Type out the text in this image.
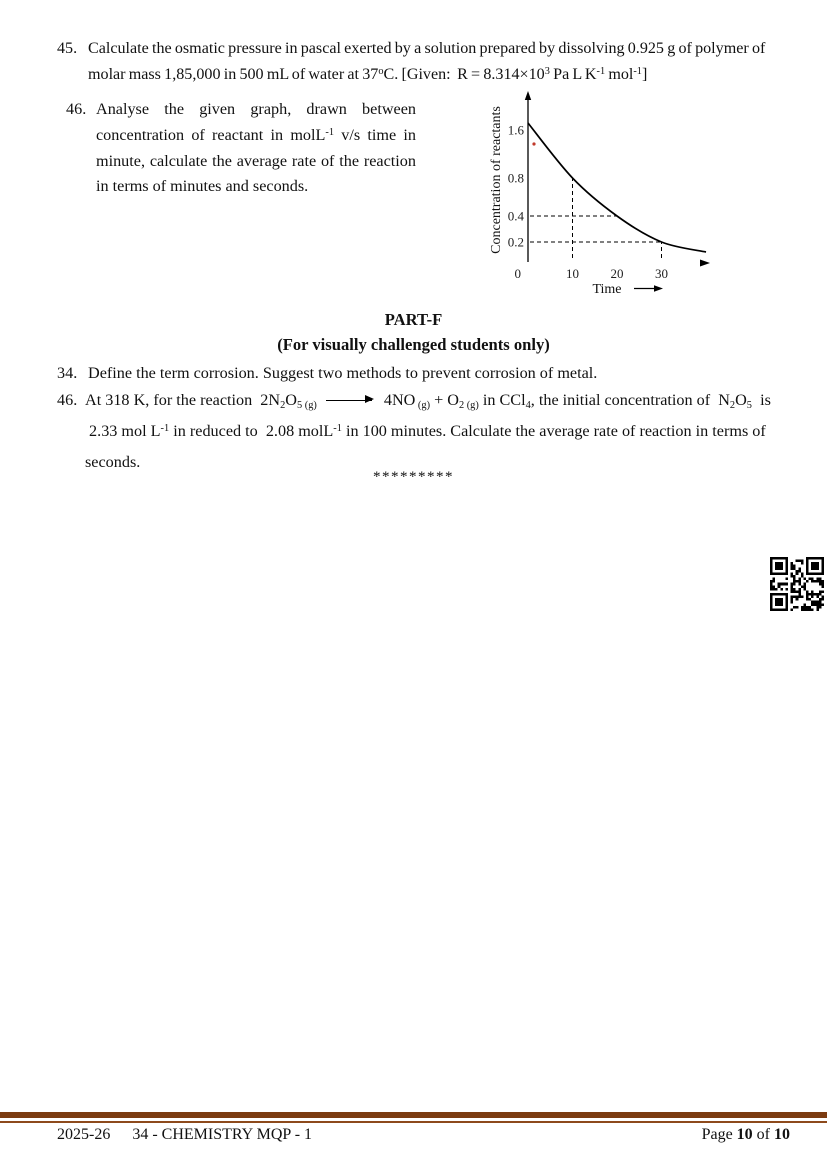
45. Calculate the osmatic pressure in pascal exerted by a solution prepared by dissolving 0.925 g of polymer of molar mass 1,85,000 in 500 mL of water at 37$^o$C. [Given:  $R = 8.314\times 10^3$ Pa L $K^{-1}$ mol$^{-1}$]

46. Analyse the given graph, drawn between concentration of reactant in molL$^{-1}$ v/s time in minute, calculate the average rate of the reaction in terms of minutes and seconds.

1.6
0.8
0.4
0.2
0	10 20 30
Concentration of reactants
Time
PART-F
(For visually challenged students only)
34. Define the term corrosion. Suggest two methods to prevent corrosion of metal.

46. At 318 K, for the reaction  $2N_2O_{5 (g)} \to 4NO$ $_{(g)} + O_{2 (g)}$ in CCl$_4$, the initial concentration of  $N_2O_5$  is  2.33 mol $L^{-1}$ in reduced to  2.08 molL$^{-1}$ in 100 minutes. Calculate the average rate of reaction in terms of seconds.

*********
2025-26 34 - CHEMISTRY MQP - 1	Page 10 of 10
